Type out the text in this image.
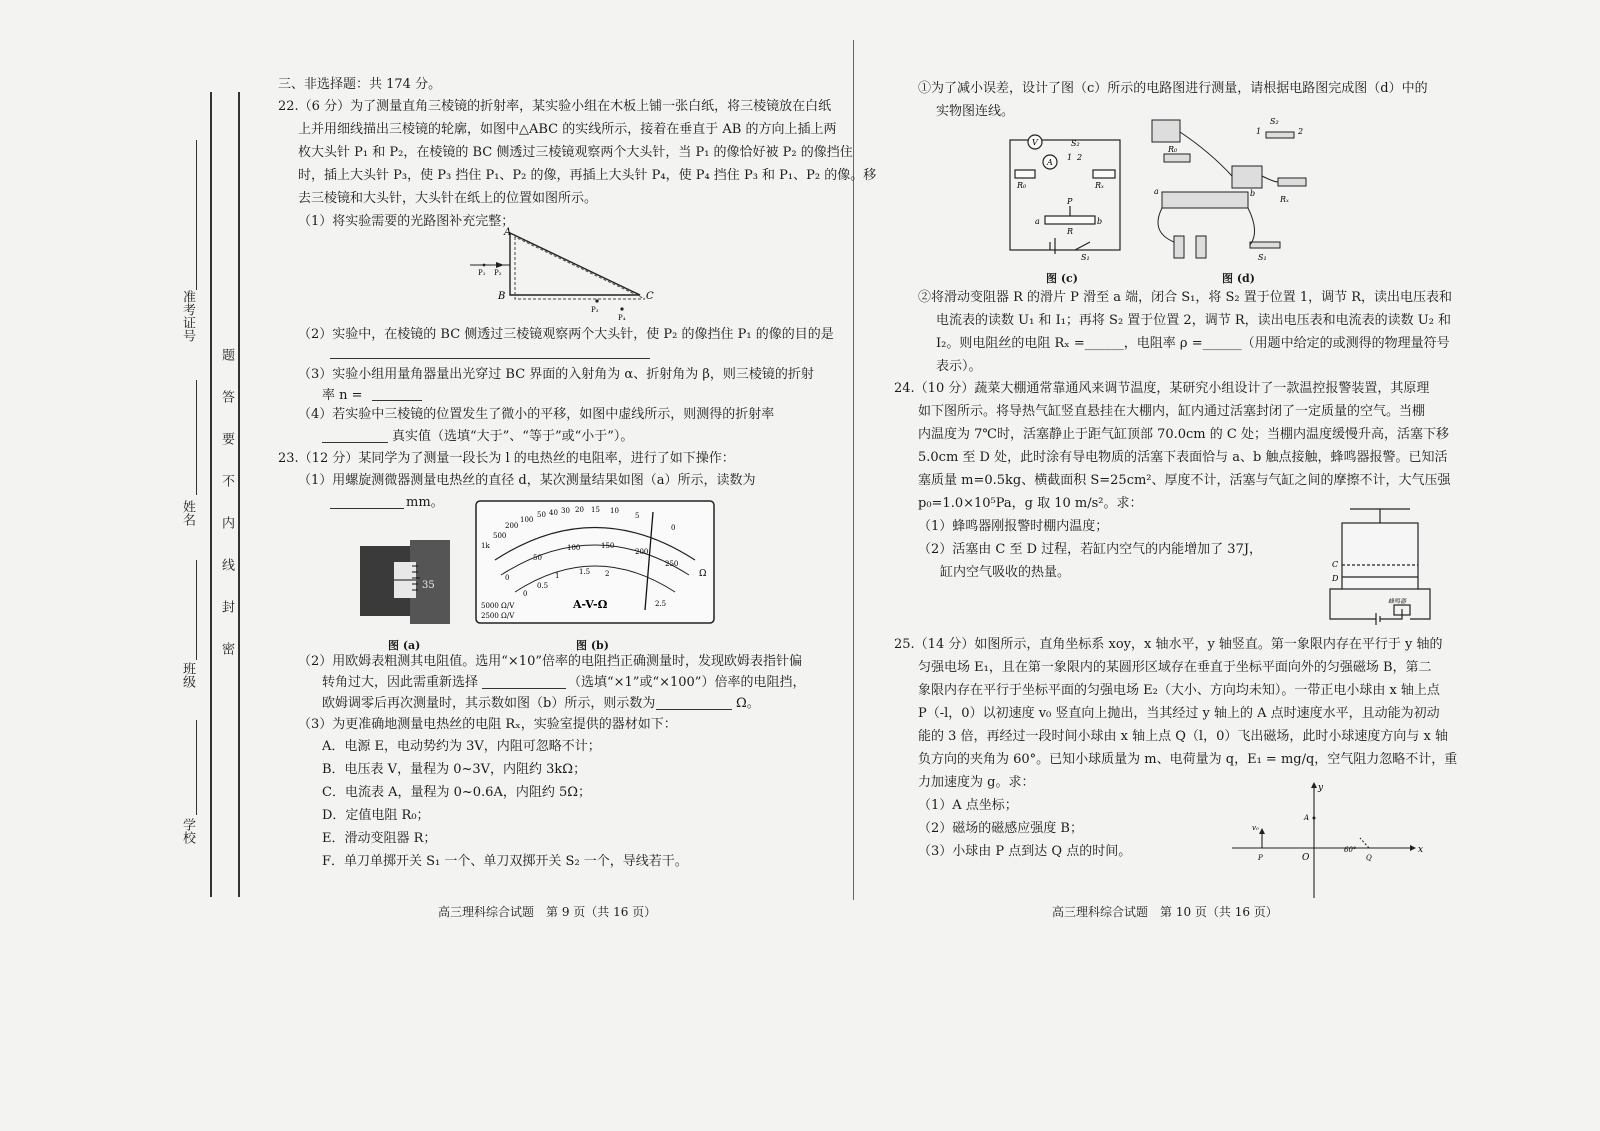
准考证号
姓名
班级
学校
题
答
要
不
内
线
封
密
三、非选择题：共 174 分。
22.（6 分）为了测量直角三棱镜的折射率，某实验小组在木板上铺一张白纸，将三棱镜放在白纸
上并用细线描出三棱镜的轮廓，如图中△ABC 的实线所示，接着在垂直于 AB 的方向上插上两
枚大头针 P₁ 和 P₂，在棱镜的 BC 侧透过三棱镜观察两个大头针，当 P₁ 的像恰好被 P₂ 的像挡住
时，插上大头针 P₃，使 P₃ 挡住 P₁、P₂ 的像，再插上大头针 P₄，使 P₄ 挡住 P₃ 和 P₁、P₂ 的像。移
去三棱镜和大头针，大头针在纸上的位置如图所示。
（1）将实验需要的光路图补充完整；
A
B	C
P₁ P₂
P₃
P₄
（2）实验中，在棱镜的 BC 侧透过三棱镜观察两个大头针，使 P₂ 的像挡住 P₁ 的像的目的是
（3）实验小组用量角器量出光穿过 BC 界面的入射角为 α、折射角为 β，则三棱镜的折射
率 n =
（4）若实验中三棱镜的位置发生了微小的平移，如图中虚线所示，则测得的折射率
真实值（选填“大于”、“等于”或“小于”）。
23.（12 分）某同学为了测量一段长为 l 的电热丝的电阻率，进行了如下操作：
（1）用螺旋测微器测量电热丝的直径 d，某次测量结果如图（a）所示，读数为
mm。
35
图 (a)
1k
500
200
100
50 40 30 20 15 10
5
0
Ω
0
50
100	150
200
250
0
0.5
1	1.5 2
2.5
5000 Ω/V
2500 Ω/V
A-V-Ω
图 (b)
（2）用欧姆表粗测其电阻值。选用“×10”倍率的电阻挡正确测量时，发现欧姆表指针偏
转角过大，因此需重新选择	（选填“×1”或“×100”）倍率的电阻挡，
欧姆调零后再次测量时，其示数如图（b）所示，则示数为	Ω。
（3）为更准确地测量电热丝的电阻 Rₓ，实验室提供的器材如下：
A．电源 E，电动势约为 3V，内阻可忽略不计；
B．电压表 V，量程为 0~3V，内阻约 3kΩ；
C．电流表 A，量程为 0~0.6A，内阻约 5Ω；
D．定值电阻 R₀；
E．滑动变阻器 R；
F．单刀单掷开关 S₁ 一个、单刀双掷开关 S₂ 一个，导线若干。
高三理科综合试题　第 9 页（共 16 页）
①为了减小误差，设计了图（c）所示的电路图进行测量，请根据电路图完成图（d）中的
实物图连线。
V
A
S₂
1 2
R₀	Rₓ
P
a	b
R
S₁
图 (c)
R₀
Rₓ
S₂
1	2
a	b
S₁
图 (d)
②将滑动变阻器 R 的滑片 P 滑至 a 端，闭合 S₁，将 S₂ 置于位置 1，调节 R，读出电压表和
电流表的读数 U₁ 和 I₁；再将 S₂ 置于位置 2，调节 R，读出电压表和电流表的读数 U₂ 和
I₂。则电阻丝的电阻 Rₓ =______，电阻率 ρ =______（用题中给定的或测得的物理量符号
表示）。
24.（10 分）蔬菜大棚通常靠通风来调节温度，某研究小组设计了一款温控报警装置，其原理
如下图所示。将导热气缸竖直悬挂在大棚内，缸内通过活塞封闭了一定质量的空气。当棚
内温度为 7℃时，活塞静止于距气缸顶部 70.0cm 的 C 处；当棚内温度缓慢升高，活塞下移
5.0cm 至 D 处，此时涂有导电物质的活塞下表面恰与 a、b 触点接触，蜂鸣器报警。已知活
塞质量 m=0.5kg、横截面积 S=25cm²、厚度不计，活塞与气缸之间的摩擦不计，大气压强
p₀=1.0×10⁵Pa，g 取 10 m/s²。求：
（1）蜂鸣器刚报警时棚内温度；
（2）活塞由 C 至 D 过程，若缸内空气的内能增加了 37J，
缸内空气吸收的热量。
C
D
蜂鸣器
25.（14 分）如图所示，直角坐标系 xoy，x 轴水平，y 轴竖直。第一象限内存在平行于 y 轴的
匀强电场 E₁，且在第一象限内的某圆形区域存在垂直于坐标平面向外的匀强磁场 B，第二
象限内存在平行于坐标平面的匀强电场 E₂（大小、方向均未知）。一带正电小球由 x 轴上点
P（-l，0）以初速度 v₀ 竖直向上抛出，当其经过 y 轴上的 A 点时速度水平，且动能为初动
能的 3 倍，再经过一段时间小球由 x 轴上点 Q（l，0）飞出磁场，此时小球速度方向与 x 轴
负方向的夹角为 60°。已知小球质量为 m、电荷量为 q，E₁ = mg/q，空气阻力忽略不计，重
力加速度为 g。求：
（1）A 点坐标；
（2）磁场的磁感应强度 B；
（3）小球由 P 点到达 Q 点的时间。	x
y
O
A
P	Q
v₀
60°
高三理科综合试题　第 10 页（共 16 页）
